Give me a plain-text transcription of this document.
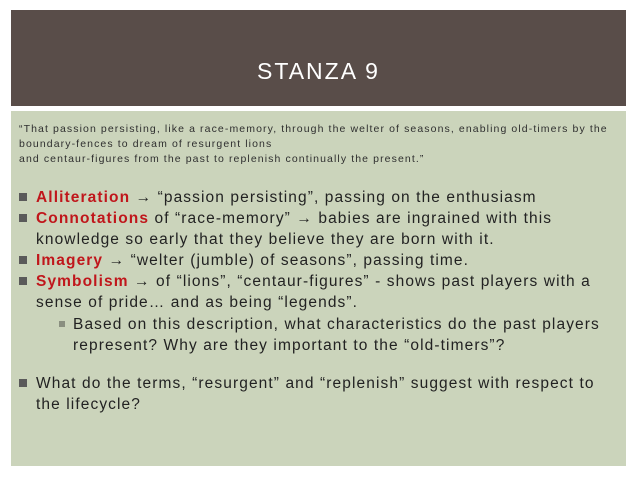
STANZA 9
“That passion persisting, like a race-memory, through the welter of seasons, enabling old-timers by the boundary-fences to dream of resurgent lions
and centaur-figures from the past to replenish continually the present.”
Alliteration → “passion persisting”, passing on the enthusiasm
Connotations of “race-memory” → babies are ingrained with this knowledge so early that they believe they are born with it.
Imagery → “welter (jumble) of seasons”, passing time.
Symbolism → of “lions”, “centaur-figures” - shows past players with a sense of pride… and as being “legends”.
Based on this description, what characteristics do the past players represent? Why are they important to the “old-timers”?
What do the terms, “resurgent” and “replenish” suggest with respect to the lifecycle?
